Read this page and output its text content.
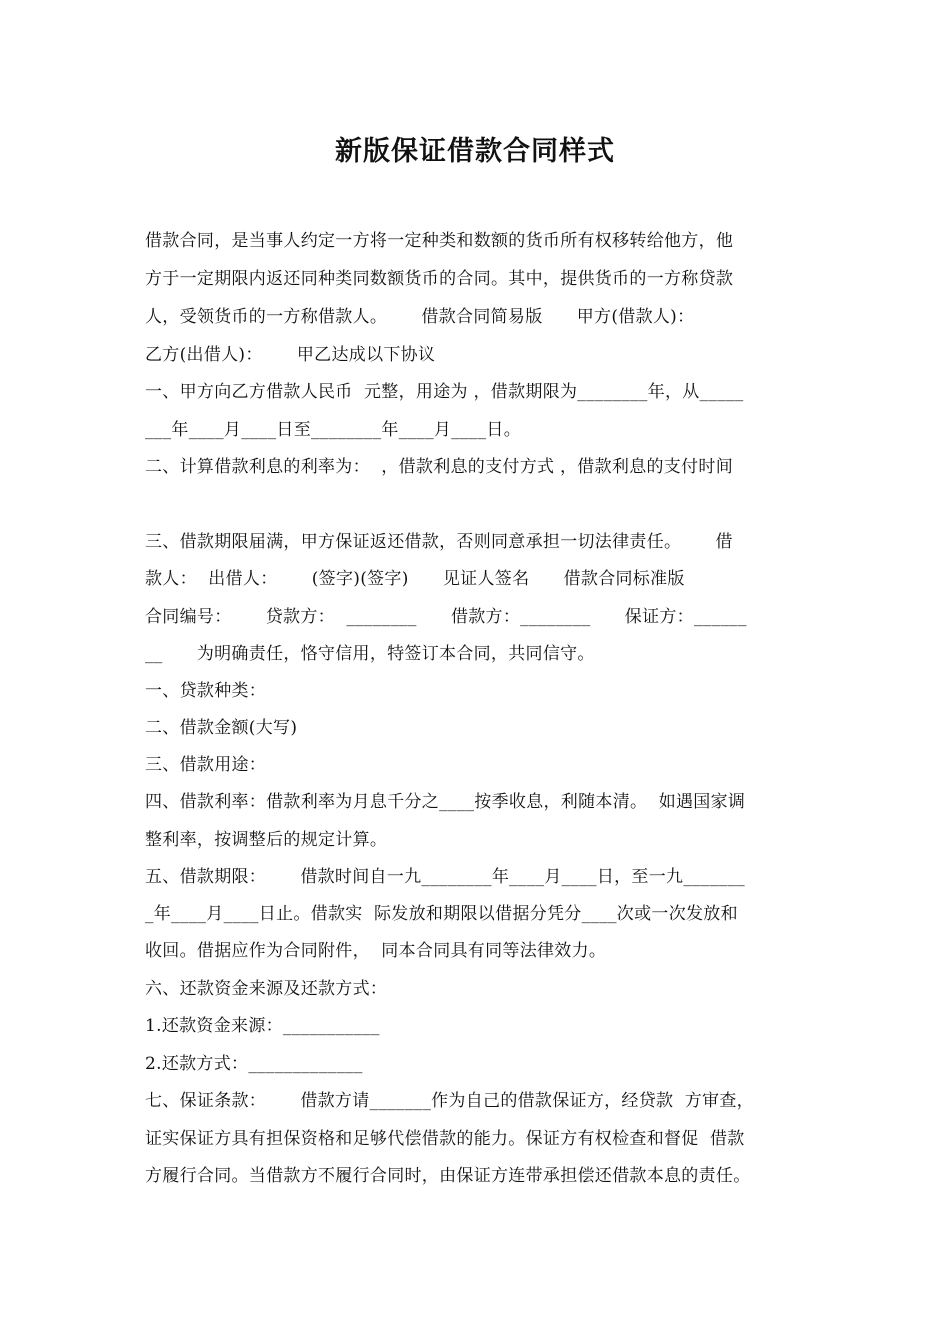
新版保证借款合同样式
借款合同，是当事人约定一方将一定种类和数额的货币所有权移转给他方，他
方于一定期限内返还同种类同数额货币的合同。其中，提供货币的一方称贷款
人，受领货币的一方称借款人。      借款合同简易版      甲方(借款人)：
乙方(出借人)：      甲乙达成以下协议
一、甲方向乙方借款人民币  元整，用途为 ，借款期限为________年，从_____
___年____月____日至________年____月____日。
二、计算借款利息的利率为：  ，借款利息的支付方式 ，借款利息的支付时间
三、借款期限届满，甲方保证返还借款，否则同意承担一切法律责任。      借
款人：  出借人：      (签字)(签字)      见证人签名      借款合同标准版
合同编号：      贷款方：  ________      借款方：________      保证方：______
__      为明确责任，恪守信用，特签订本合同，共同信守。
一、贷款种类：
二、借款金额(大写)
三、借款用途：
四、借款利率：借款利率为月息千分之____按季收息，利随本清。  如遇国家调
整利率，按调整后的规定计算。
五、借款期限：      借款时间自一九________年____月____日，至一九_______
_年____月____日止。借款实  际发放和期限以借据分凭分____次或一次发放和
收回。借据应作为合同附件，  同本合同具有同等法律效力。
六、还款资金来源及还款方式：
1.还款资金来源：___________
2.还款方式：_____________
七、保证条款：      借款方请_______作为自己的借款保证方，经贷款  方审查，
证实保证方具有担保资格和足够代偿借款的能力。保证方有权检查和督促  借款
方履行合同。当借款方不履行合同时，由保证方连带承担偿还借款本息的责任。
